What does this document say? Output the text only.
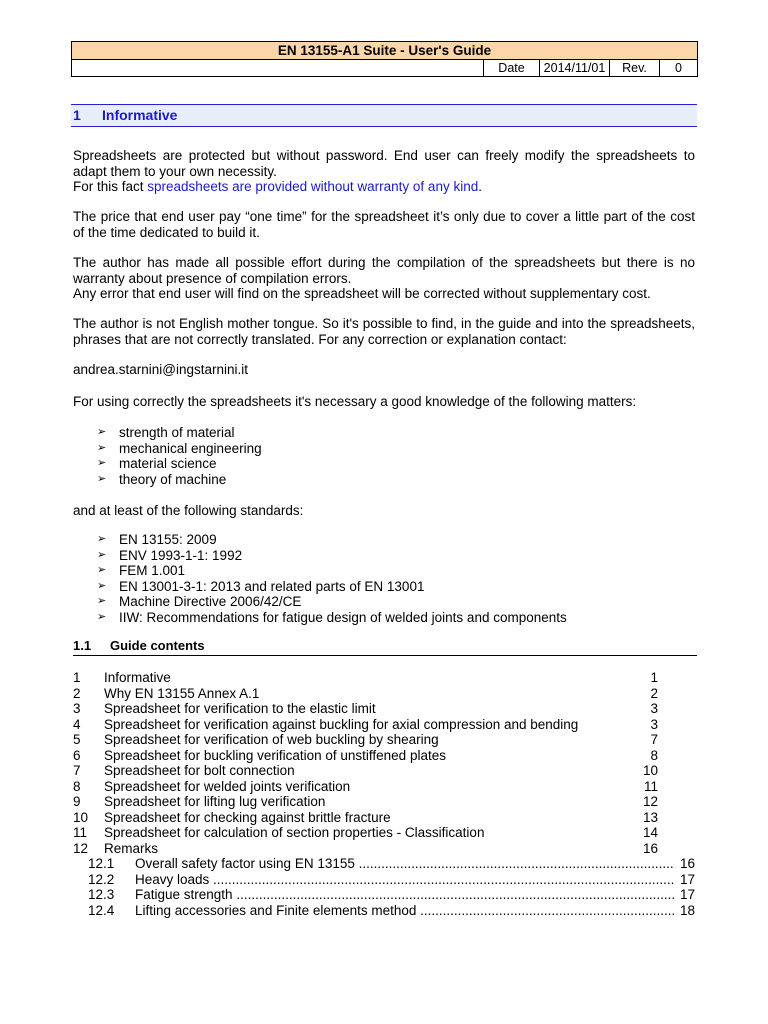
EN 13155-A1 Suite - User's Guide
	Date	2014/11/01	Rev.	0
1 Informative
Spreadsheets are protected but without password. End user can freely modify the spreadsheets to adapt them to your own necessity.
For this fact spreadsheets are provided without warranty of any kind.
The price that end user pay “one time” for the spreadsheet it’s only due to cover a little part of the cost of the time dedicated to build it.
The author has made all possible effort during the compilation of the spreadsheets but there is no warranty about presence of compilation errors.
Any error that end user will find on the spreadsheet will be corrected without supplementary cost.
The author is not English mother tongue. So it's possible to find, in the guide and into the spreadsheets, phrases that are not correctly translated. For any correction or explanation contact:
andrea.starnini@ingstarnini.it
For using correctly the spreadsheets it's necessary a good knowledge of the following matters:
➢ strength of material
➢ mechanical engineering
➢ material science
➢ theory of machine
and at least of the following standards:
➢ EN 13155: 2009
➢ ENV 1993-1-1: 1992
➢ FEM 1.001
➢ EN 13001-3-1: 2013 and related parts of EN 13001
➢ Machine Directive 2006/42/CE
➢ IIW: Recommendations for fatigue design of welded joints and components
1.1 Guide contents
1 Informative	1
2 Why EN 13155 Annex A.1	2
3 Spreadsheet for verification to the elastic limit	3
4 Spreadsheet for verification against buckling for axial compression and bending	3
5 Spreadsheet for verification of web buckling by shearing	7
6 Spreadsheet for buckling verification of unstiffened plates	8
7 Spreadsheet for bolt connection	10
8 Spreadsheet for welded joints verification	11
9 Spreadsheet for lifting lug verification	12
10 Spreadsheet for checking against brittle fracture	13
11 Spreadsheet for calculation of section properties - Classification	14
12 Remarks	16
12.1 Overall safety factor using EN 13155 .....	16
12.2 Heavy loads .....	17
12.3 Fatigue strength .....	17
12.4 Lifting accessories and Finite elements method .....	18
